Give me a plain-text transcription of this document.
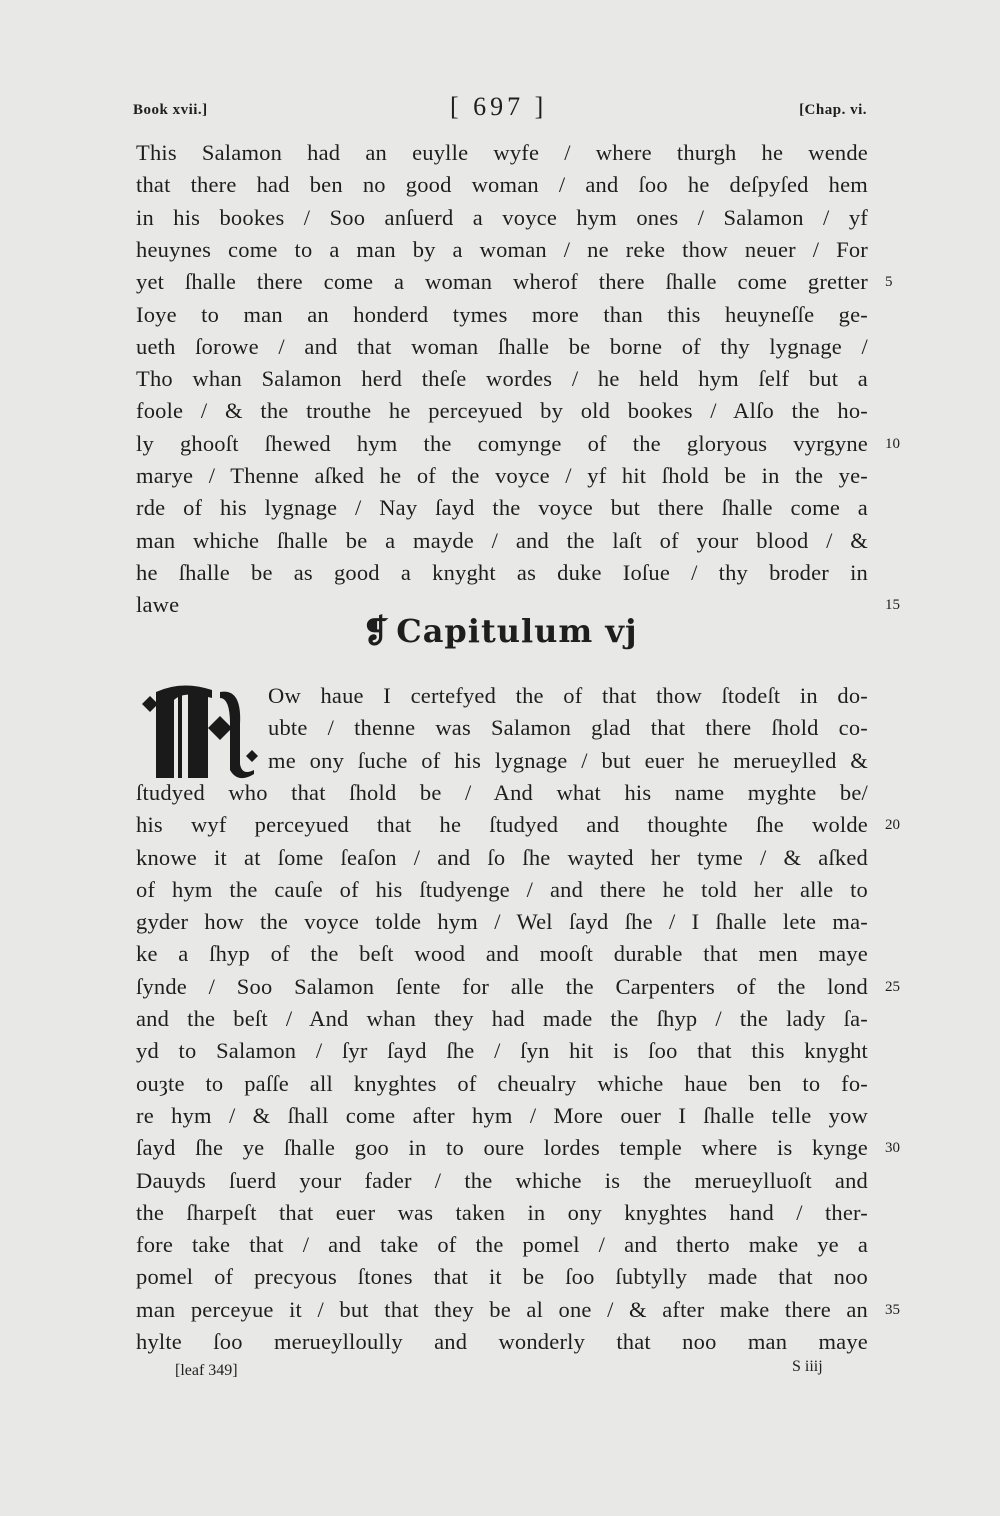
Book xvii.]	[ 697 ]	[Chap. vi.
This Salamon had an euylle wyfe / where thurgh he wende
that there had ben no good woman / and ſoo he deſpyſed hem
in his bookes / Soo anſuerd a voyce hym ones / Salamon / yf
heuynes come to a man by a woman / ne reke thow neuer / For
yet ſhalle there come a woman wherof there ſhalle come gretter
Ioye to man an honderd tymes more than this heuyneſſe ge-
ueth ſorowe / and that woman ſhalle be borne of thy lygnage /
Tho whan Salamon herd theſe wordes / he held hym ſelf but a
foole / & the trouthe he perceyued by old bookes / Alſo the ho-
ly ghooſt ſhewed hym the comynge of the gloryous vyrgyne
marye / Thenne aſked he of the voyce / yf hit ſhold be in the ye-
rde of his lygnage / Nay ſayd the voyce but there ſhalle come a
man whiche ſhalle be a mayde / and the laſt of your blood / &
he ſhalle be as good a knyght as duke Ioſue / thy broder in
lawe
❡ Capitulum vj
Ow haue I certefyed the of that thow ſtodeſt in do-
ubte / thenne was Salamon glad that there ſhold co-
me ony ſuche of his lygnage / but euer he merueylled &
ſtudyed who that ſhold be / And what his name myghte be/
his wyf perceyued that he ſtudyed and thoughte ſhe wolde
knowe it at ſome ſeaſon / and ſo ſhe wayted her tyme / & aſked
of hym the cauſe of his ſtudyenge / and there he told her alle to
gyder how the voyce tolde hym / Wel ſayd ſhe / I ſhalle lete ma-
ke a ſhyp of the beſt wood and mooſt durable that men maye
ſynde / Soo Salamon ſente for alle the Carpenters of the lond
and the beſt / And whan they had made the ſhyp / the lady ſa-
yd to Salamon / ſyr ſayd ſhe / ſyn hit is ſoo that this knyght
ouȝte to paſſe all knyghtes of cheualry whiche haue ben to fo-
re hym / & ſhall come after hym / More ouer I ſhalle telle yow
ſayd ſhe ye ſhalle goo in to oure lordes temple where is kynge
Dauyds ſuerd your fader / the whiche is the merueylluoſt and
the ſharpeſt that euer was taken in ony knyghtes hand / ther-
fore take that / and take of the pomel / and therto make ye a
pomel of precyous ſtones that it be ſoo ſubtylly made that noo
man perceyue it / but that they be al one / & after make there an
hylte ſoo merueylloully and wonderly that noo man maye
5
10
15
20
25
30
35
[leaf 349]	S iiij
